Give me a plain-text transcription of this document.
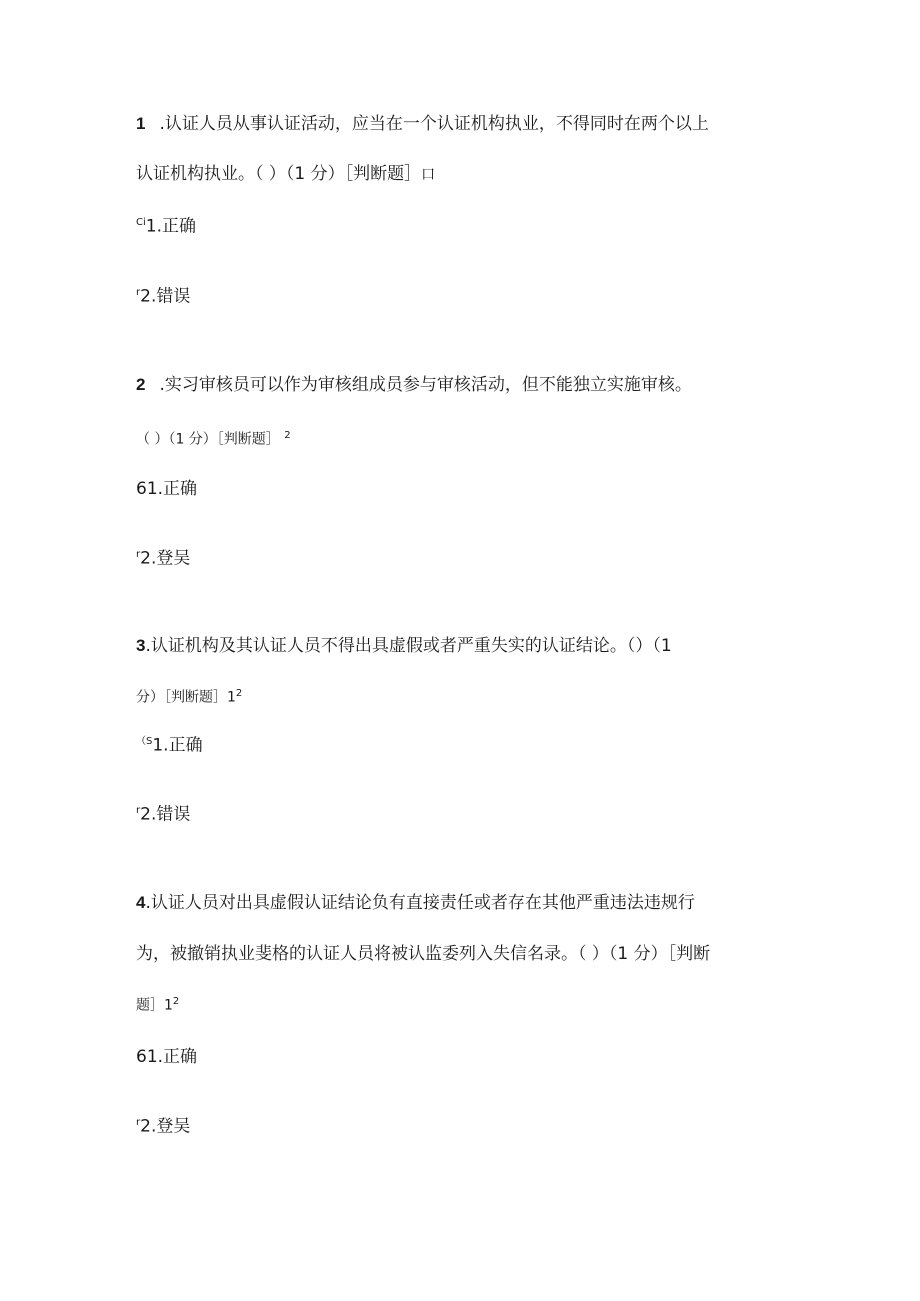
1 .认证人员从事认证活动，应当在一个认证机构执业，不得同时在两个以上
认证机构执业。（ ）（1 分）［判断题］口
$^{Ci}$1.正确
$^r$2.错误
2 .实习审核员可以作为审核组成员参与审核活动，但不能独立实施审核。
（ ）（1 分）［判断题］ $^2$
61.正确
$^r$2.登吴
3.认证机构及其认证人员不得出具虚假或者严重失实的认证结论。（）（1
分）［判断题$]1^2$
$^{(S}$1.正确
$^r$2.错误
4.认证人员对出具虚假认证结论负有直接责任或者存在其他严重违法违规行
为，被撤销执业斐格的认证人员将被认监委列入失信名录。（ ）（1 分）［判断
题$]1^2$
61.正确
$^r$2.登吴
